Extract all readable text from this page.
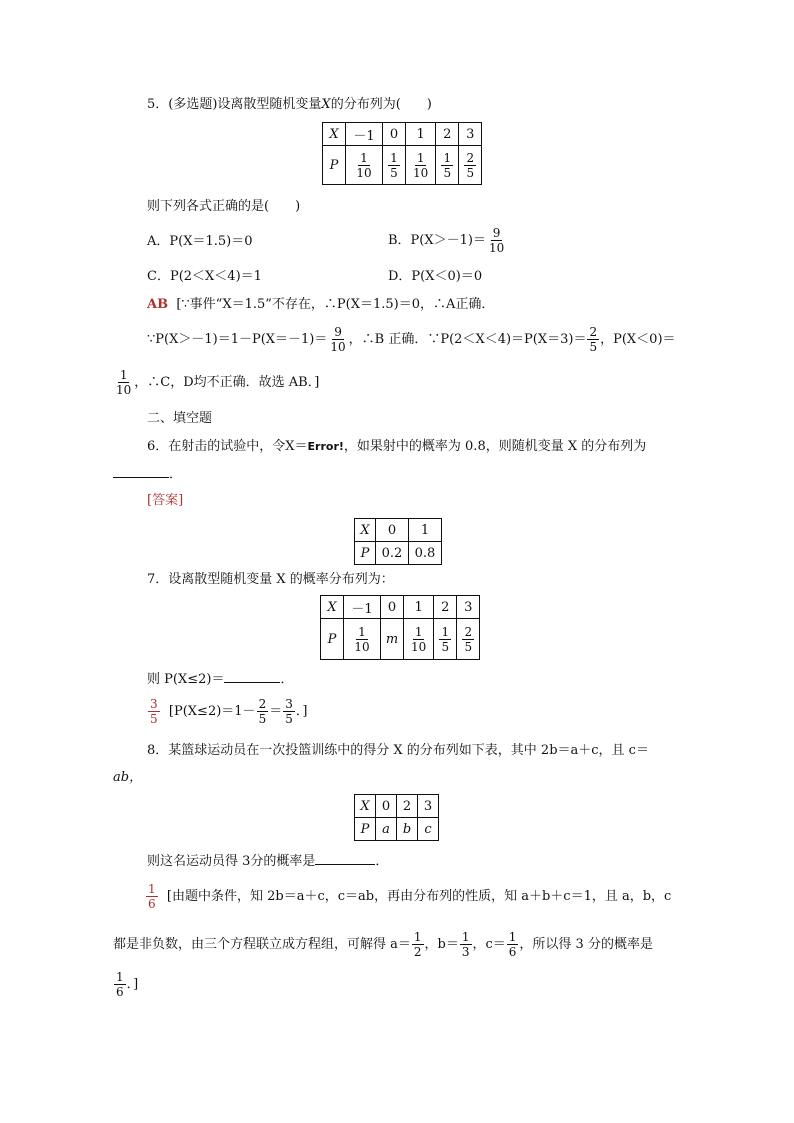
5．(多选题)设离散型随机变量X的分布列为(　　)
X	－1	0	1	2	3
P	$\frac{1}{10}$	$\frac{1}{5}$	$\frac{1}{10}$	$\frac{1}{5}$	$\frac{2}{5}$
则下列各式正确的是(　　)
A．P(X＝1.5)＝0	B．$P(X>-1)= \frac{9}{10}$
C．P(2＜X＜4)＝1	D．P(X＜0)＝0
AB [∵事件“X＝1.5”不存在，∴P(X＝1.5)＝0，∴A正确．
∵P(X＞－1)＝1－P(X＝－1)＝ $\frac{9}{10}$ ，∴B 正确．∵P(2＜X＜4)＝P(X＝3)＝ $\frac{2}{5}$ ，P(X＜0)＝
$\frac{1}{10}$ ，∴C，D均不正确．故选 AB．]
二、填空题
6．在射击的试验中，令X＝Error!，如果射中的概率为 0.8，则随机变量 X 的分布列为
．
[答案]
X	0	1
P	0.2	0.8
7．设离散型随机变量 X 的概率分布列为：
X	－1	0	1	2	3
P	$\frac{1}{10}$	m	$\frac{1}{10}$	$\frac{1}{5}$	$\frac{2}{5}$
则 P(X≤2)＝	．
$\frac{3}{5} [P(X\le 2)=1- \frac{2}{5} = \frac{3}{5}$ ．]
8．某篮球运动员在一次投篮训练中的得分 X 的分布列如下表，其中 2b＝a＋c，且 c＝
ab，
X	0	2	3
P	a	b	c
则这名运动员得 3分的概率是	．
$\frac{1}{6}$ [由题中条件，知 2b＝a＋c，c＝ab，再由分布列的性质，知 a＋b＋c＝1，且 a，b，c
都是非负数，由三个方程联立成方程组，可解得 $a= \frac{1}{2}$ ，$b= \frac{1}{3}$ ，$c= \frac{1}{6}$ ，所以得 3 分的概率是
$\frac{1}{6}$ ．]
